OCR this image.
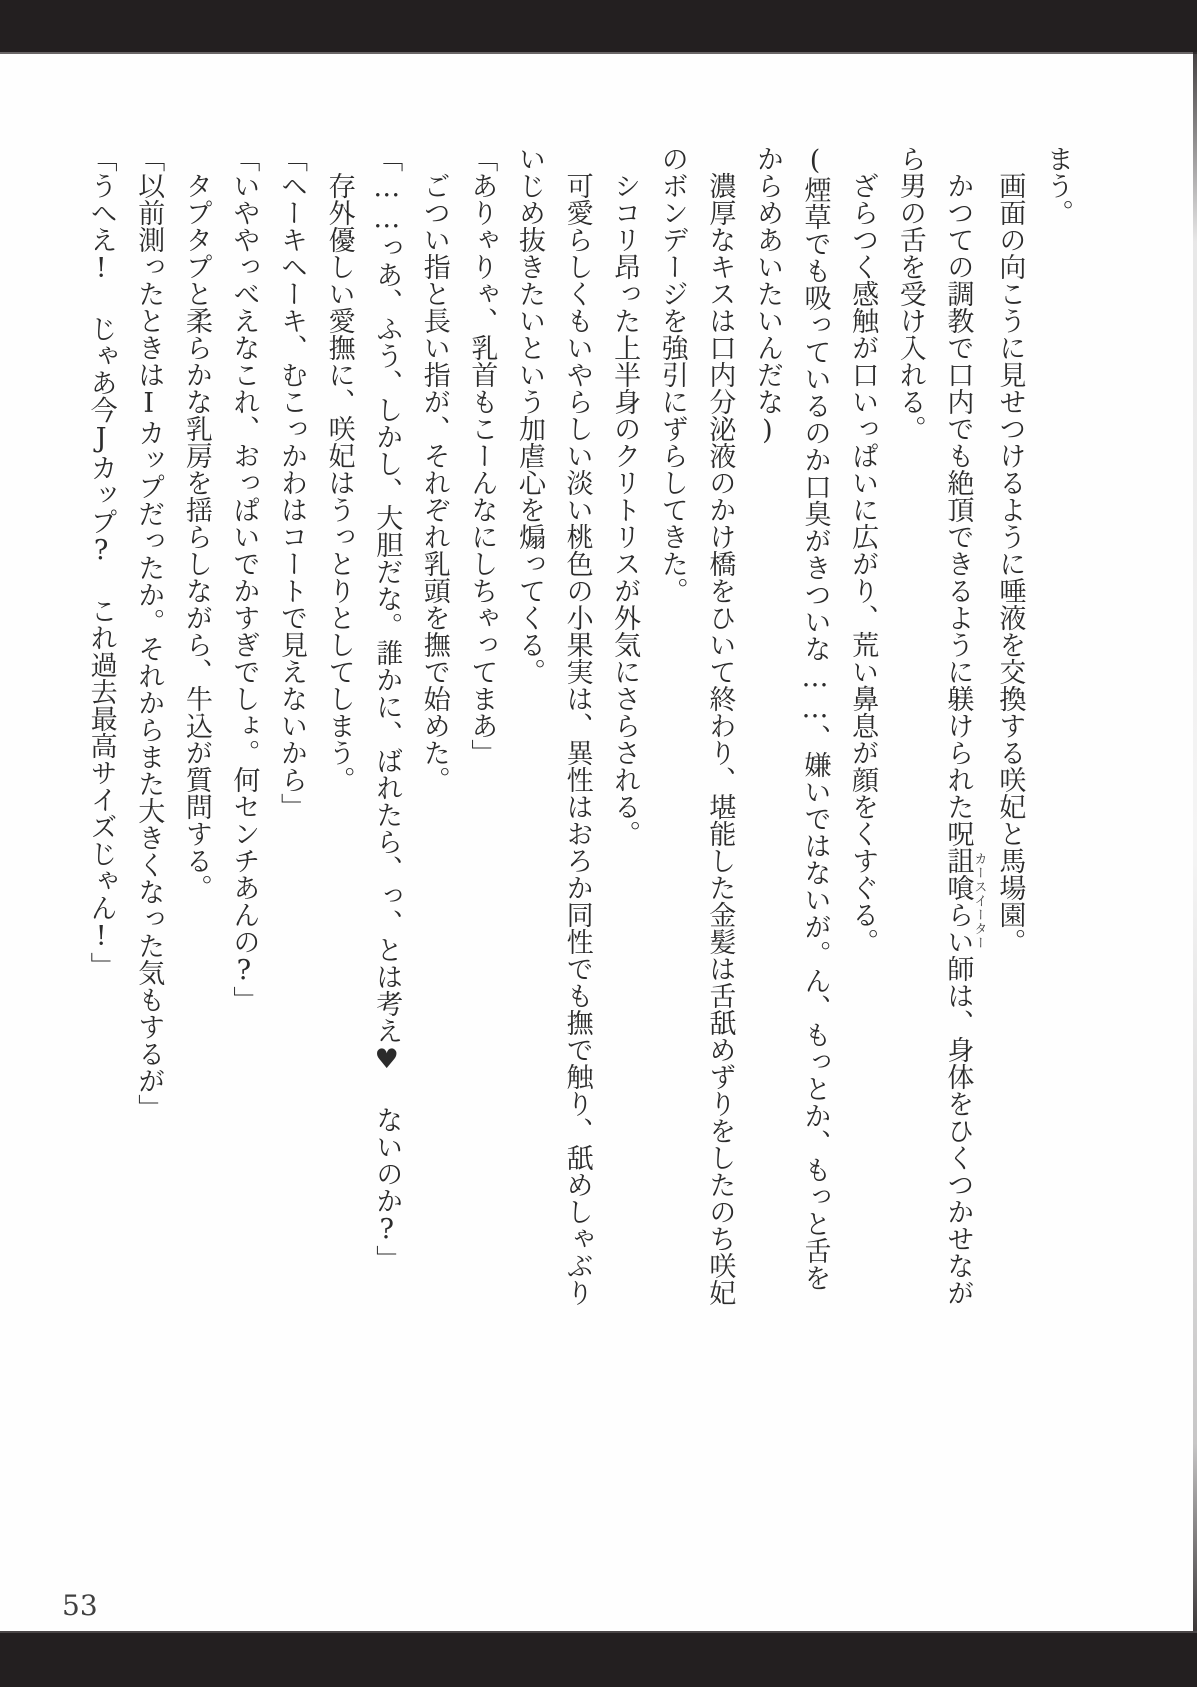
まう。

画面の向こうに見せつけるように唾液を交換する咲妃と馬場園。

かつての調教で口内でも絶頂できるように躾けられた呪詛喰らい師カースイーターは、身体をひくつかせながら男の舌を受け入れる。

ざらつく感触が口いっぱいに広がり、荒い鼻息が顔をくすぐる。

(煙草でも吸っているのか口臭がきついな……、嫌いではないが。ん、もっとか、もっと舌をからめあいたいんだな)

濃厚なキスは口内分泌液のかけ橋をひいて終わり、堪能した金髪は舌舐めずりをしたのち咲妃のボンデージを強引にずらしてきた。

シコリ昂った上半身のクリトリスが外気にさらされる。

可愛らしくもいやらしい淡い桃色の小果実は、異性はおろか同性でも撫で触り、舐めしゃぶりいじめ抜きたいという加虐心を煽ってくる。

「ありゃりゃ、乳首もこーんなにしちゃってまあ」

ごつい指と長い指が、それぞれ乳頭を撫で始めた。

「……っあ、ふう、しかし、大胆だな。誰かに、ばれたら、っ、とは考え♥ ないのか?」

存外優しい愛撫に、咲妃はうっとりとしてしまう。

「ヘーキヘーキ、むこっかわはコートで見えないから」

「いややっべえなこれ、おっぱいでかすぎでしょ。何センチあんの?」

タプタプと柔らかな乳房を揺らしながら、牛込が質問する。

「以前測ったときはIカップだったか。それからまた大きくなった気もするが」

「うへえ! じゃあ今Jカップ? これ過去最高サイズじゃん!」

53
